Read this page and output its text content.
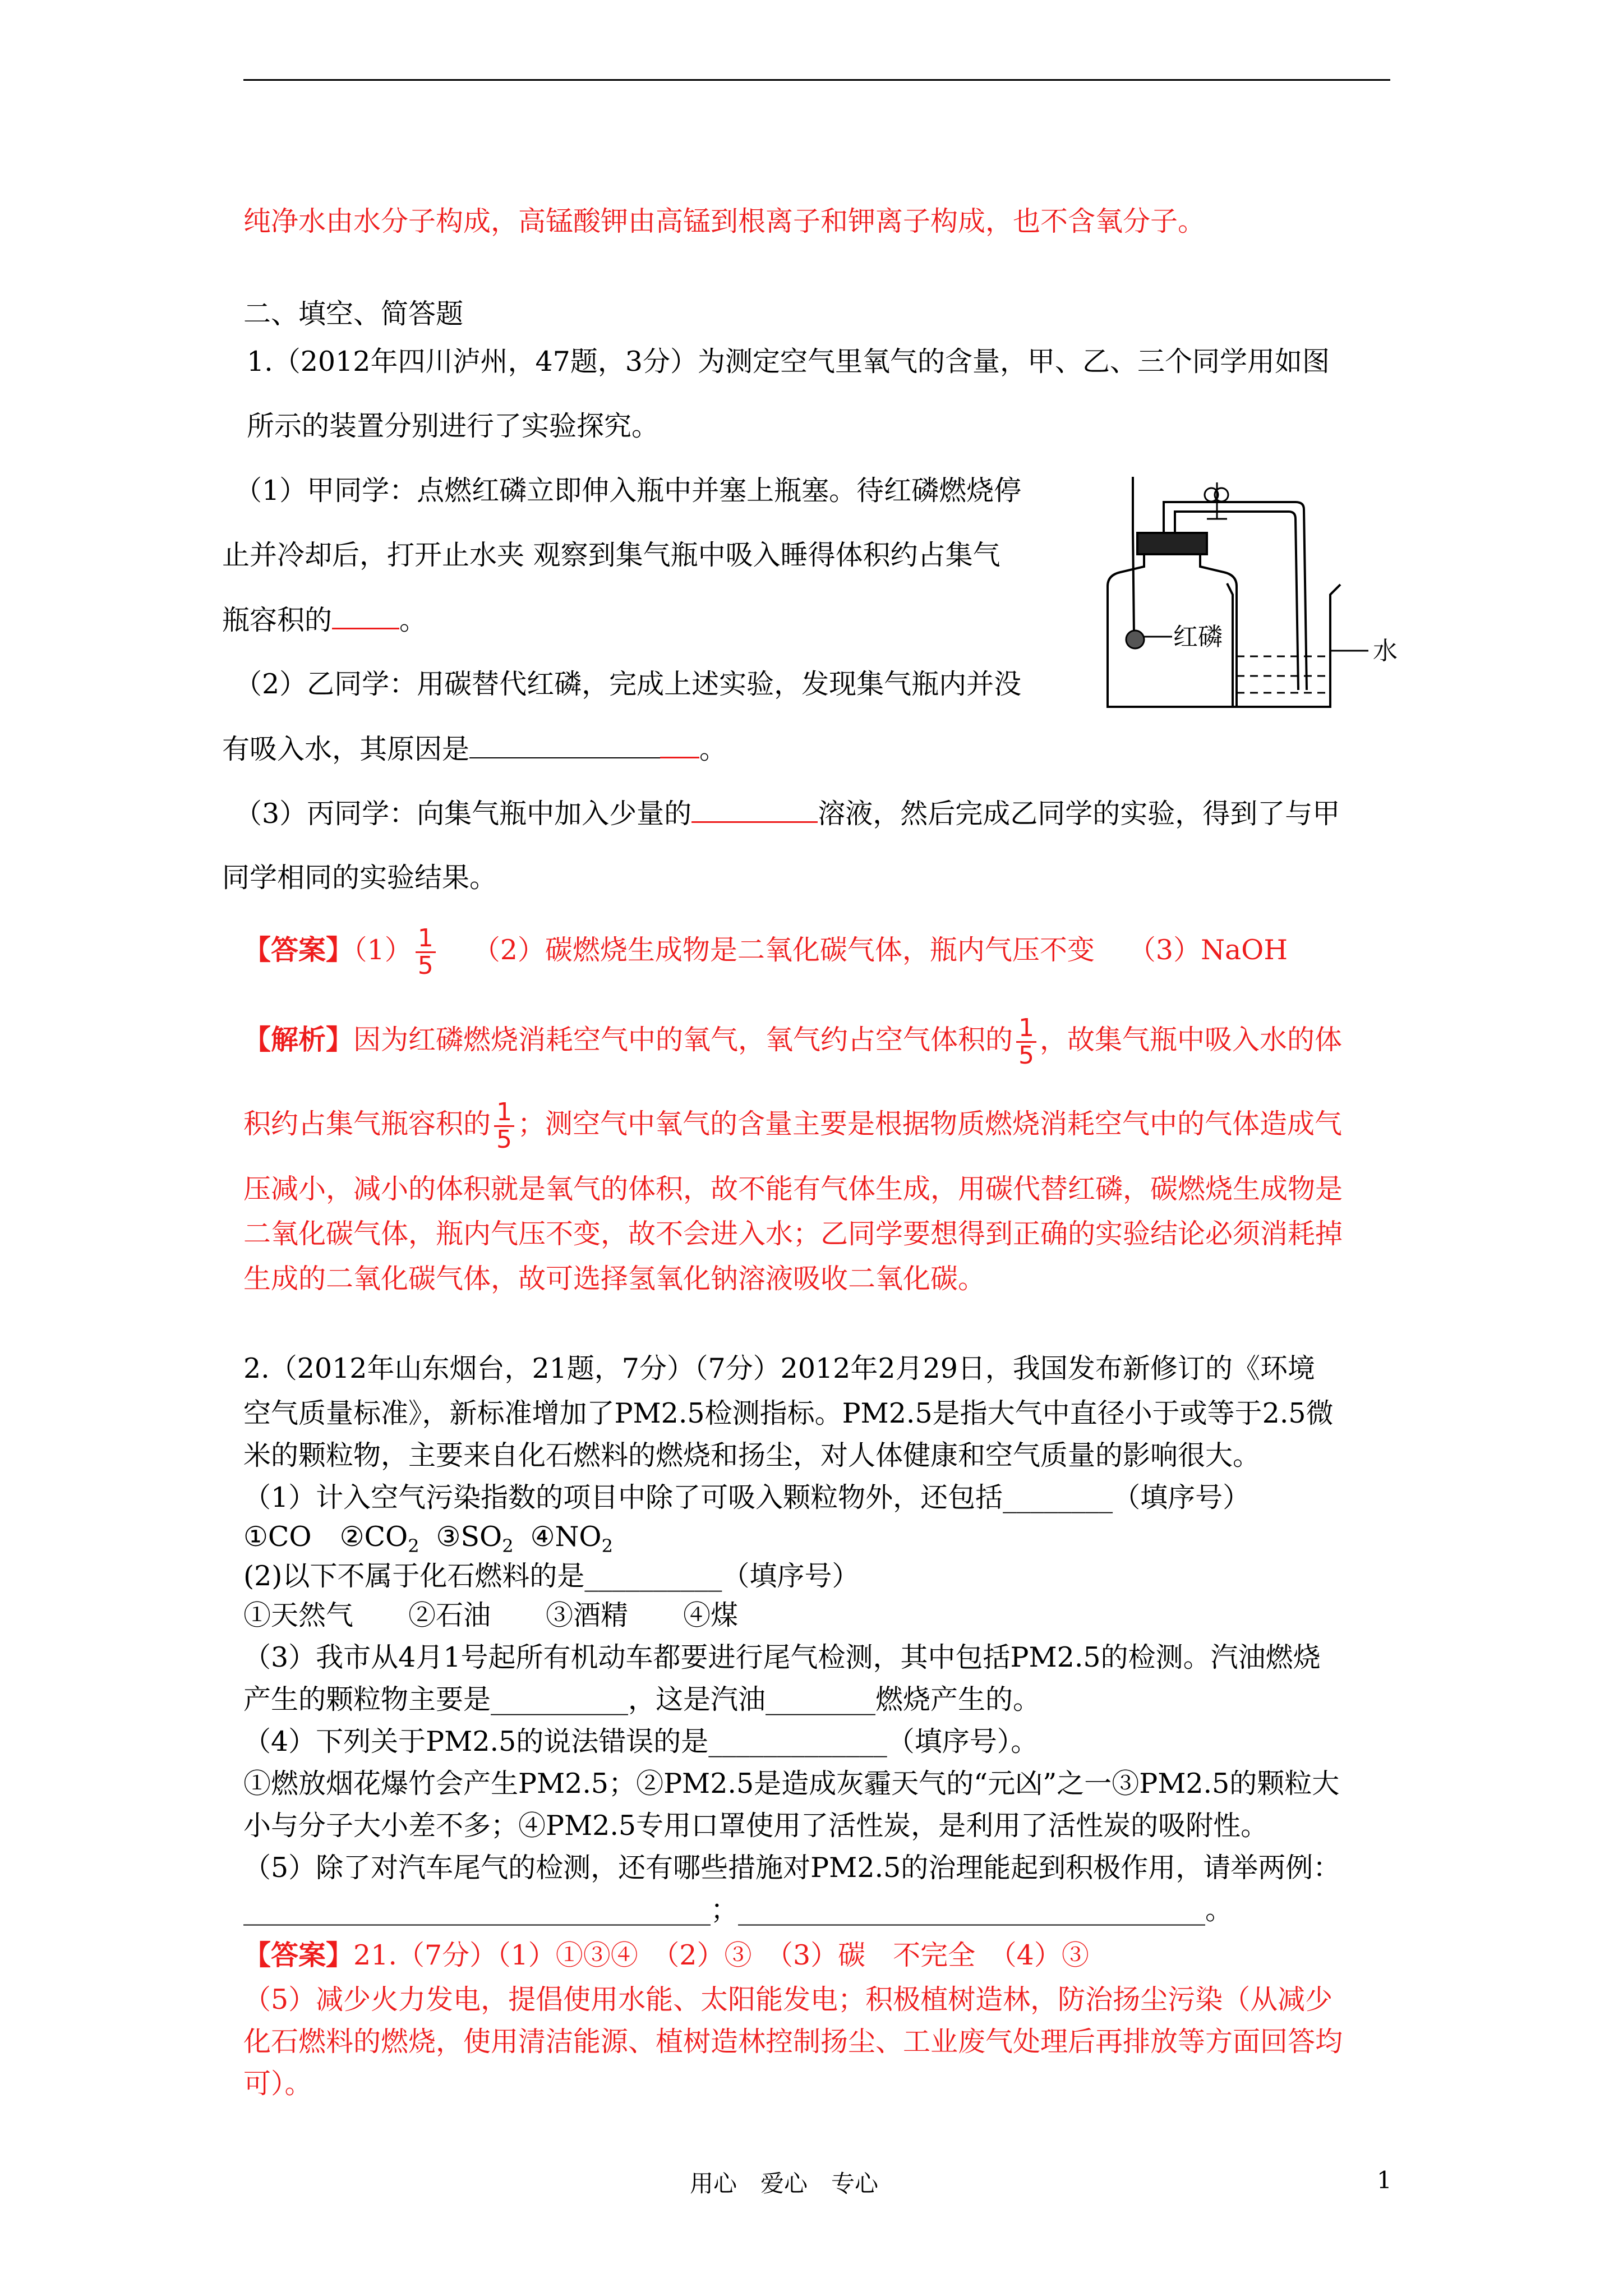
纯净水由水分子构成，高锰酸钾由高锰到根离子和钾离子构成，也不含氧分子。
二、填空、简答题
1.（2012年四川泸州，47题，3分）为测定空气里氧气的含量，甲、乙、三个同学用如图
所示的装置分别进行了实验探究。
（1）甲同学：点燃红磷立即伸入瓶中并塞上瓶塞。待红磷燃烧停
止并冷却后，打开止水夹 观察到集气瓶中吸入睡得体积约占集气
瓶容积的 。
（2）乙同学：用碳替代红磷，完成上述实验，发现集气瓶内并没
有吸入水，其原因是	。
（3）丙同学：向集气瓶中加入少量的	溶液，然后完成乙同学的实验，得到了与甲
同学相同的实验结果。
红磷	水
【答案】$(1) \frac{1}{5} (2)$碳燃烧生成物是二氧化碳气体，瓶内气压不变 （3）NaOH
【解析】因为红磷燃烧消耗空气中的氧气，氧气约占空气体积的 $\frac{1}{5}$ ，故集气瓶中吸入水的体
积约占集气瓶容积的 $\frac{1}{5}$ ；测空气中氧气的含量主要是根据物质燃烧消耗空气中的气体造成气
压减小，减小的体积就是氧气的体积，故不能有气体生成，用碳代替红磷，碳燃烧生成物是
二氧化碳气体，瓶内气压不变，故不会进入水；乙同学要想得到正确的实验结论必须消耗掉
生成的二氧化碳气体，故可选择氢氧化钠溶液吸收二氧化碳。
2.（2012年山东烟台，21题，7分）（7分）2012年2月29日，我国发布新修订的《环境
空气质量标准》，新标准增加了PM2.5检测指标。PM2.5是指大气中直径小于或等于2.5微
米的颗粒物，主要来自化石燃料的燃烧和扬尘，对人体健康和空气质量的影响很大。
（1）计入空气污染指数的项目中除了可吸入颗粒物外，还包括________（填序号）
①CO $②CO_2$ $③SO_2$ $④NO_2$
(2)以下不属于化石燃料的是__________（填序号）
①天然气　　②石油　　③酒精　　④煤
（3）我市从4月1号起所有机动车都要进行尾气检测，其中包括PM2.5的检测。汽油燃烧
产生的颗粒物主要是__________，这是汽油________燃烧产生的。
（4）下列关于PM2.5的说法错误的是_____________（填序号）。
①燃放烟花爆竹会产生PM2.5；②PM2.5是造成灰霾天气的“元凶”之一③PM2.5的颗粒大
小与分子大小差不多；④PM2.5专用口罩使用了活性炭，是利用了活性炭的吸附性。
（5）除了对汽车尾气的检测，还有哪些措施对PM2.5的治理能起到积极作用，请举两例：
__________________________________；__________________________________。
【答案】21.（7分）（1）①③④　（2）③　（3）碳　不完全　（4）③
（5）减少火力发电，提倡使用水能、太阳能发电；积极植树造林，防治扬尘污染（从减少
化石燃料的燃烧，使用清洁能源、植树造林控制扬尘、工业废气处理后再排放等方面回答均
可）。
用心　爱心　专心	1
